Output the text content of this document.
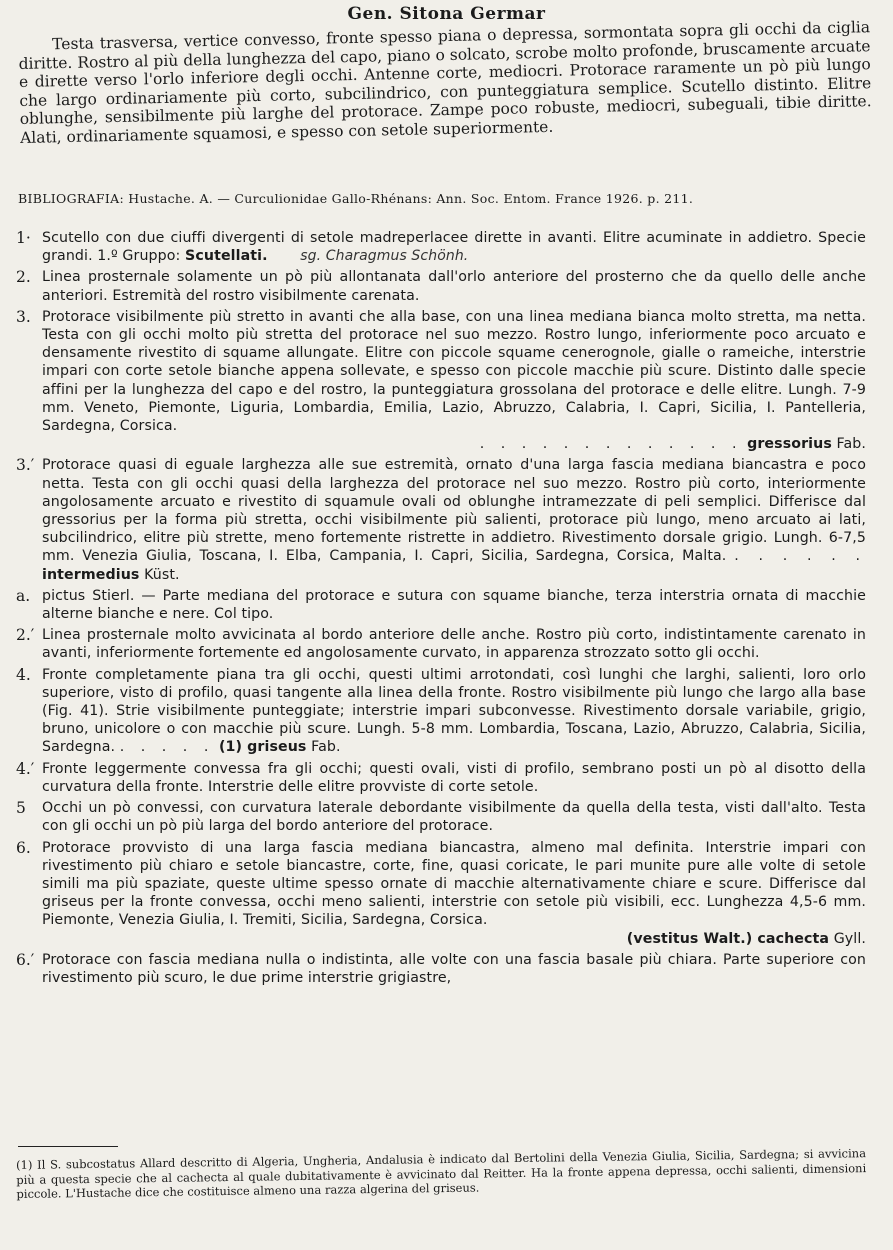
Gen. Sitona Germar
Testa trasversa, vertice convesso, fronte spesso piana o depressa, sormontata sopra gli occhi da ciglia diritte. Rostro al più della lunghezza del capo, piano o solcato, scrobe molto profonde, bruscamente arcuate e dirette verso l'orlo inferiore degli occhi. Antenne corte, mediocri. Protorace raramente un pò più lungo che largo ordinariamente più corto, subcilindrico, con punteggiatura semplice. Scutello distinto. Elitre oblunghe, sensibilmente più larghe del protorace. Zampe poco robuste, mediocri, subeguali, tibie diritte. Alati, ordinariamente squamosi, e spesso con setole superiormente.
BIBLIOGRAFIA: Hustache. A. — Curculionidae Gallo-Rhénans: Ann. Soc. Entom. France 1926. p. 211.
1· Scutello con due ciuffi divergenti di setole madreperlacee dirette in avanti. Elitre acuminate in addietro. Specie grandi. 1.º Gruppo: Scutellati. sg. Charagmus Schönh.
2. Linea prosternale solamente un pò più allontanata dall'orlo anteriore del prosterno che da quello delle anche anteriori. Estremità del rostro visibilmente carenata.
3. Protorace visibilmente più stretto in avanti che alla base, con una linea mediana bianca molto stretta, ma netta. Testa con gli occhi molto più stretta del protorace nel suo mezzo. Rostro lungo, inferiormente poco arcuato e densamente rivestito di squame allungate. Elitre con piccole squame cenerognole, gialle o rameiche, interstrie impari con corte setole bianche appena sollevate, e spesso con piccole macchie più scure. Distinto dalle specie affini per la lunghezza del capo e del rostro, la punteggiatura grossolana del protorace e delle elitre. Lungh. 7-9 mm. Veneto, Piemonte, Liguria, Lombardia, Emilia, Lazio, Abruzzo, Calabria, I. Capri, Sicilia, I. Pantelleria, Sardegna, Corsica.
. . . . . . . . . . . . . gressorius Fab.
3.′ Protorace quasi di eguale larghezza alle sue estremità, ornato d'una larga fascia mediana biancastra e poco netta. Testa con gli occhi quasi della larghezza del protorace nel suo mezzo. Rostro più corto, interiormente angolosamente arcuato e rivestito di squamule ovali od oblunghe intramezzate di peli semplici. Differisce dal gressorius per la forma più stretta, occhi visibilmente più salienti, protorace più lungo, meno arcuato ai lati, subcilindrico, elitre più strette, meno fortemente ristrette in addietro. Rivestimento dorsale grigio. Lungh. 6-7,5 mm. Venezia Giulia, Toscana, I. Elba, Campania, I. Capri, Sicilia, Sardegna, Corsica, Malta. . . . . . . intermedius Küst.
a. pictus Stierl. — Parte mediana del protorace e sutura con squame bianche, terza interstria ornata di macchie alterne bianche e nere. Col tipo.
2.′ Linea prosternale molto avvicinata al bordo anteriore delle anche. Rostro più corto, indistintamente carenato in avanti, inferiormente fortemente ed angolosamente curvato, in apparenza strozzato sotto gli occhi.
4. Fronte completamente piana tra gli occhi, questi ultimi arrotondati, così lunghi che larghi, salienti, loro orlo superiore, visto di profilo, quasi tangente alla linea della fronte. Rostro visibilmente più lungo che largo alla base (Fig. 41). Strie visibilmente punteggiate; interstrie impari subconvesse. Rivestimento dorsale variabile, grigio, bruno, unicolore o con macchie più scure. Lungh. 5-8 mm. Lombardia, Toscana, Lazio, Abruzzo, Calabria, Sicilia, Sardegna. . . . . . (1) griseus Fab.
4.′ Fronte leggermente convessa fra gli occhi; questi ovali, visti di profilo, sembrano posti un pò al disotto della curvatura della fronte. Interstrie delle elitre provviste di corte setole.
5	Occhi un pò convessi, con curvatura laterale debordante visibilmente da quella della testa, visti dall'alto. Testa con gli occhi un pò più larga del bordo anteriore del protorace.
6. Protorace provvisto di una larga fascia mediana biancastra, almeno mal definita. Interstrie impari con rivestimento più chiaro e setole biancastre, corte, fine, quasi coricate, le pari munite pure alle volte di setole simili ma più spaziate, queste ultime spesso ornate di macchie alternativamente chiare e scure. Differisce dal griseus per la fronte convessa, occhi meno salienti, interstrie con setole più visibili, ecc. Lunghezza 4,5-6 mm. Piemonte, Venezia Giulia, I. Tremiti, Sicilia, Sardegna, Corsica.
(vestitus Walt.) cachecta Gyll.
6.′ Protorace con fascia mediana nulla o indistinta, alle volte con una fascia basale più chiara. Parte superiore con rivestimento più scuro, le due prime interstrie grigiastre,
(1) Il S. subcostatus Allard descritto di Algeria, Ungheria, Andalusia è indicato dal Bertolini della Venezia Giulia, Sicilia, Sardegna; si avvicina più a questa specie che al cachecta al quale dubitativamente è avvicinato dal Reitter. Ha la fronte appena depressa, occhi salienti, dimensioni piccole. L'Hustache dice che costituisce almeno una razza algerina del griseus.
